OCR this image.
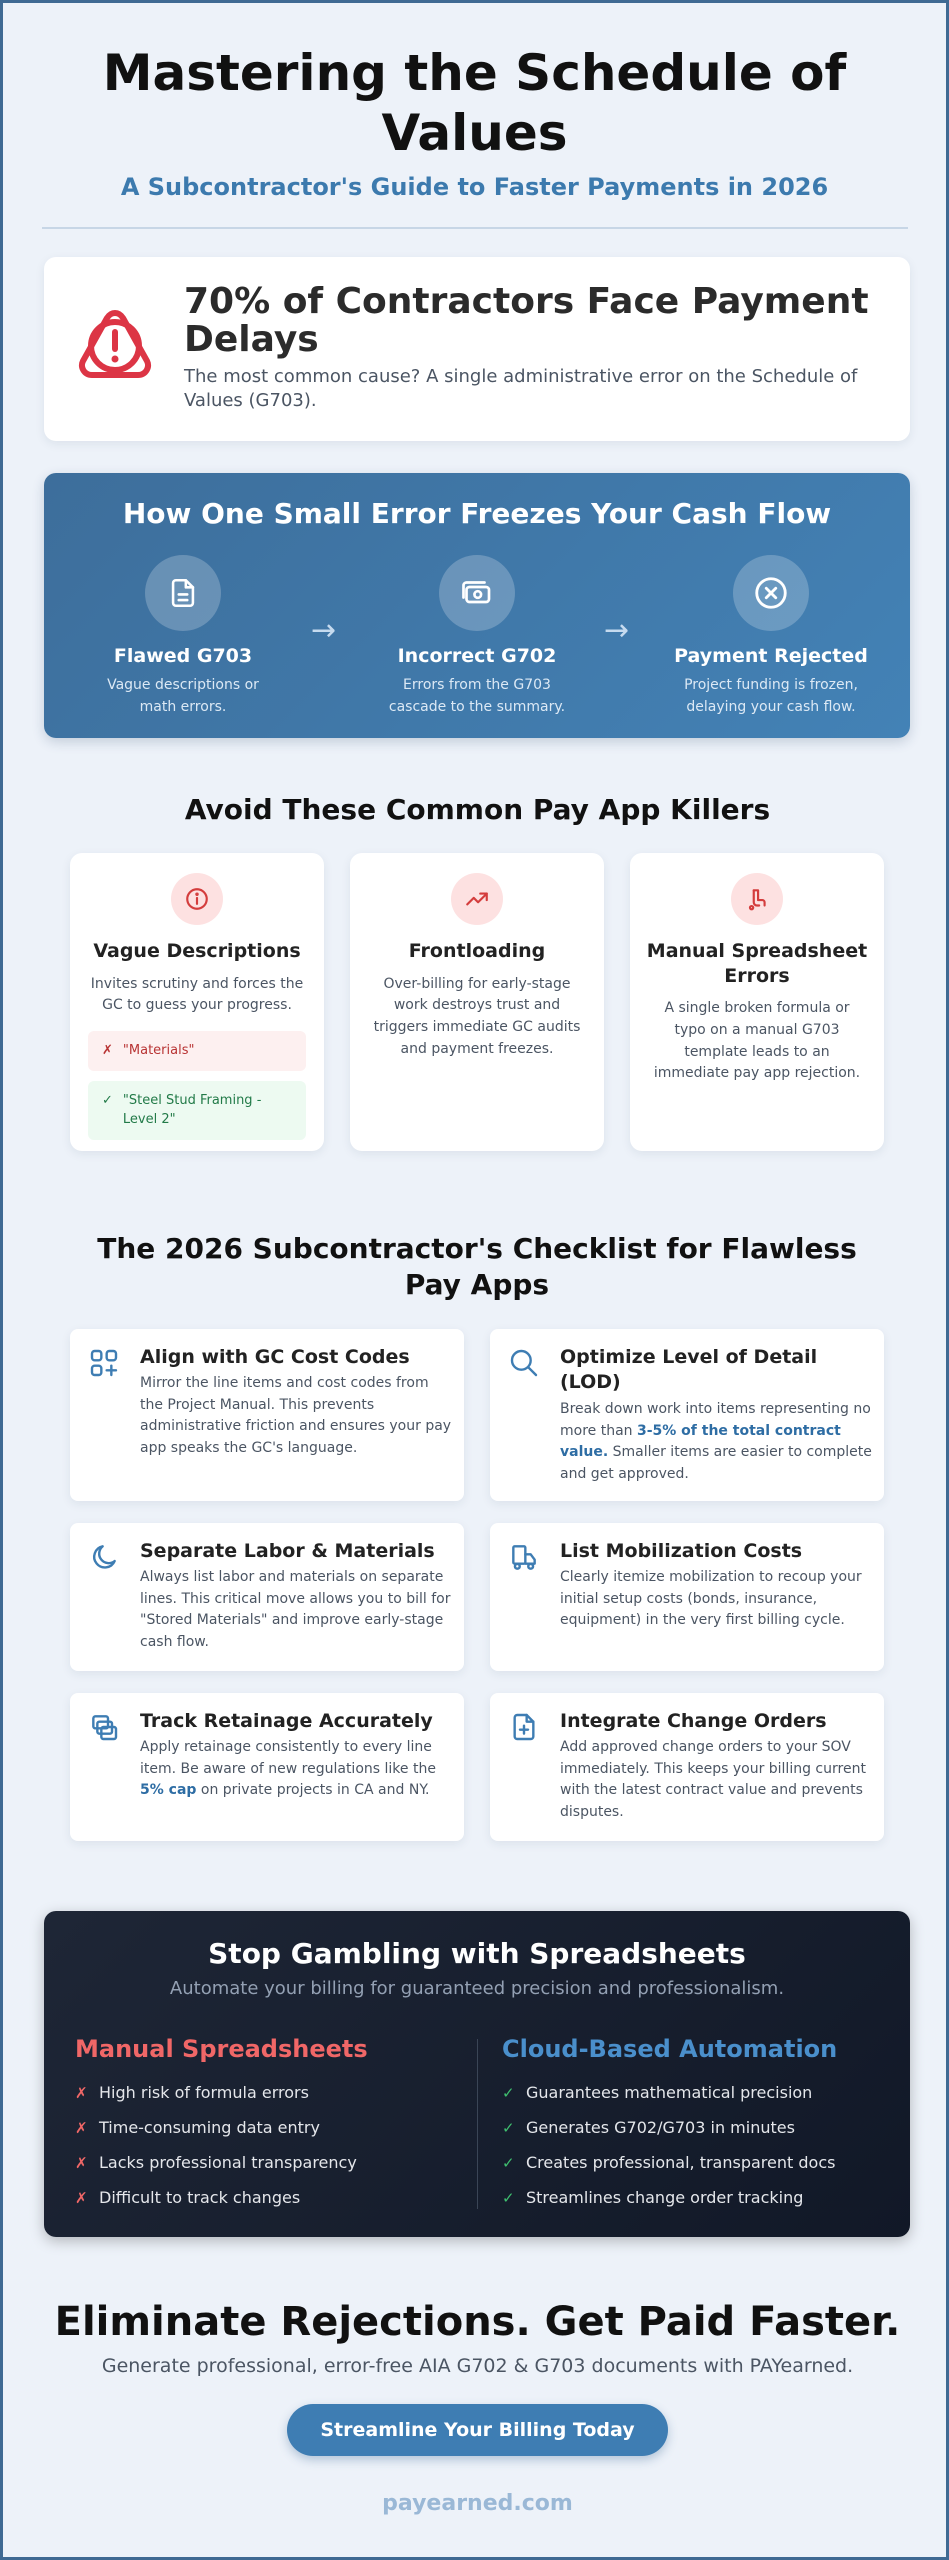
Mastering the Schedule of Values
A Subcontractor's Guide to Faster Payments in 2026
70% of Contractors Face Payment Delays
The most common cause? A single administrative error on the Schedule of Values (G703).
How One Small Error Freezes Your Cash Flow
Flawed G703
Vague descriptions or math errors.
→
Incorrect G702
Errors from the G703 cascade to the summary.
→
Payment Rejected
Project funding is frozen, delaying your cash flow.
Avoid These Common Pay App Killers
Vague Descriptions
Invites scrutiny and forces the GC to guess your progress.
✗ "Materials"
✓ "Steel Stud Framing - Level 2"
Frontloading
Over-billing for early-stage work destroys trust and triggers immediate GC audits and payment freezes.
Manual Spreadsheet Errors
A single broken formula or typo on a manual G703 template leads to an immediate pay app rejection.
The 2026 Subcontractor's Checklist for Flawless Pay Apps
Align with GC Cost Codes
Mirror the line items and cost codes from the Project Manual. This prevents administrative friction and ensures your pay app speaks the GC's language.
Optimize Level of Detail (LOD)
Break down work into items representing no more than 3-5% of the total contract value. Smaller items are easier to complete and get approved.
Separate Labor & Materials
Always list labor and materials on separate lines. This critical move allows you to bill for "Stored Materials" and improve early-stage cash flow.
List Mobilization Costs
Clearly itemize mobilization to recoup your initial setup costs (bonds, insurance, equipment) in the very first billing cycle.
Track Retainage Accurately
Apply retainage consistently to every line item. Be aware of new regulations like the 5% cap on private projects in CA and NY.
Integrate Change Orders
Add approved change orders to your SOV immediately. This keeps your billing current with the latest contract value and prevents disputes.
Stop Gambling with Spreadsheets
Automate your billing for guaranteed precision and professionalism.
Manual Spreadsheets
✗ High risk of formula errors
✗ Time-consuming data entry
✗ Lacks professional transparency
✗ Difficult to track changes
Cloud-Based Automation
✓ Guarantees mathematical precision
✓ Generates G702/G703 in minutes
✓ Creates professional, transparent docs
✓ Streamlines change order tracking
Eliminate Rejections. Get Paid Faster.
Generate professional, error-free AIA G702 & G703 documents with PAYearned.
Streamline Your Billing Today
payearned.com
